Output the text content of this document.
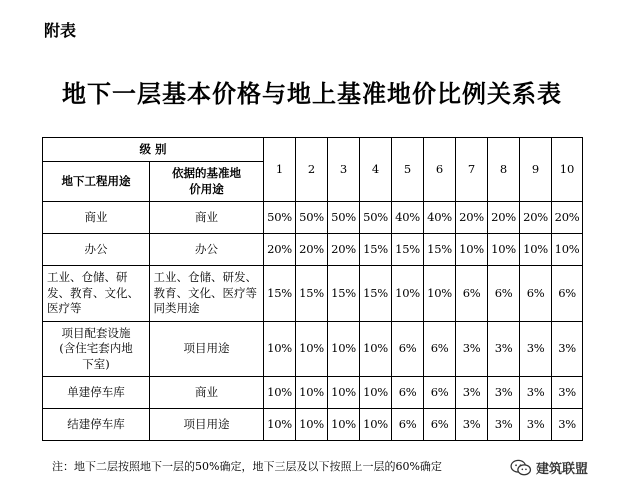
附表
地下一层基本价格与地上基准地价比例关系表
级 别		1	2	3	4	5	6	7	8	9	10
地下工程用途	依据的基准地价用途										
商业	商业	50%	50%	50%	50%	40%	40%	20%	20%	20%	20%
办公	办公	20%	20%	20%	15%	15%	15%	10%	10%	10%	10%
工业、仓储、研发、教育、文化、医疗等	工业、仓储、研发、教育、文化、医疗等同类用途	15%	15%	15%	15%	10%	10%	6%	6%	6%	6%
项目配套设施(含住宅套内地下室)	项目用途	10%	10%	10%	10%	6%	6%	3%	3%	3%	3%
单建停车库	商业	10%	10%	10%	10%	6%	6%	3%	3%	3%	3%
结建停车库	项目用途	10%	10%	10%	10%	6%	6%	3%	3%	3%	3%
注：地下二层按照地下一层的50%确定，地下三层及以下按照上一层的60%确定	建筑联盟
